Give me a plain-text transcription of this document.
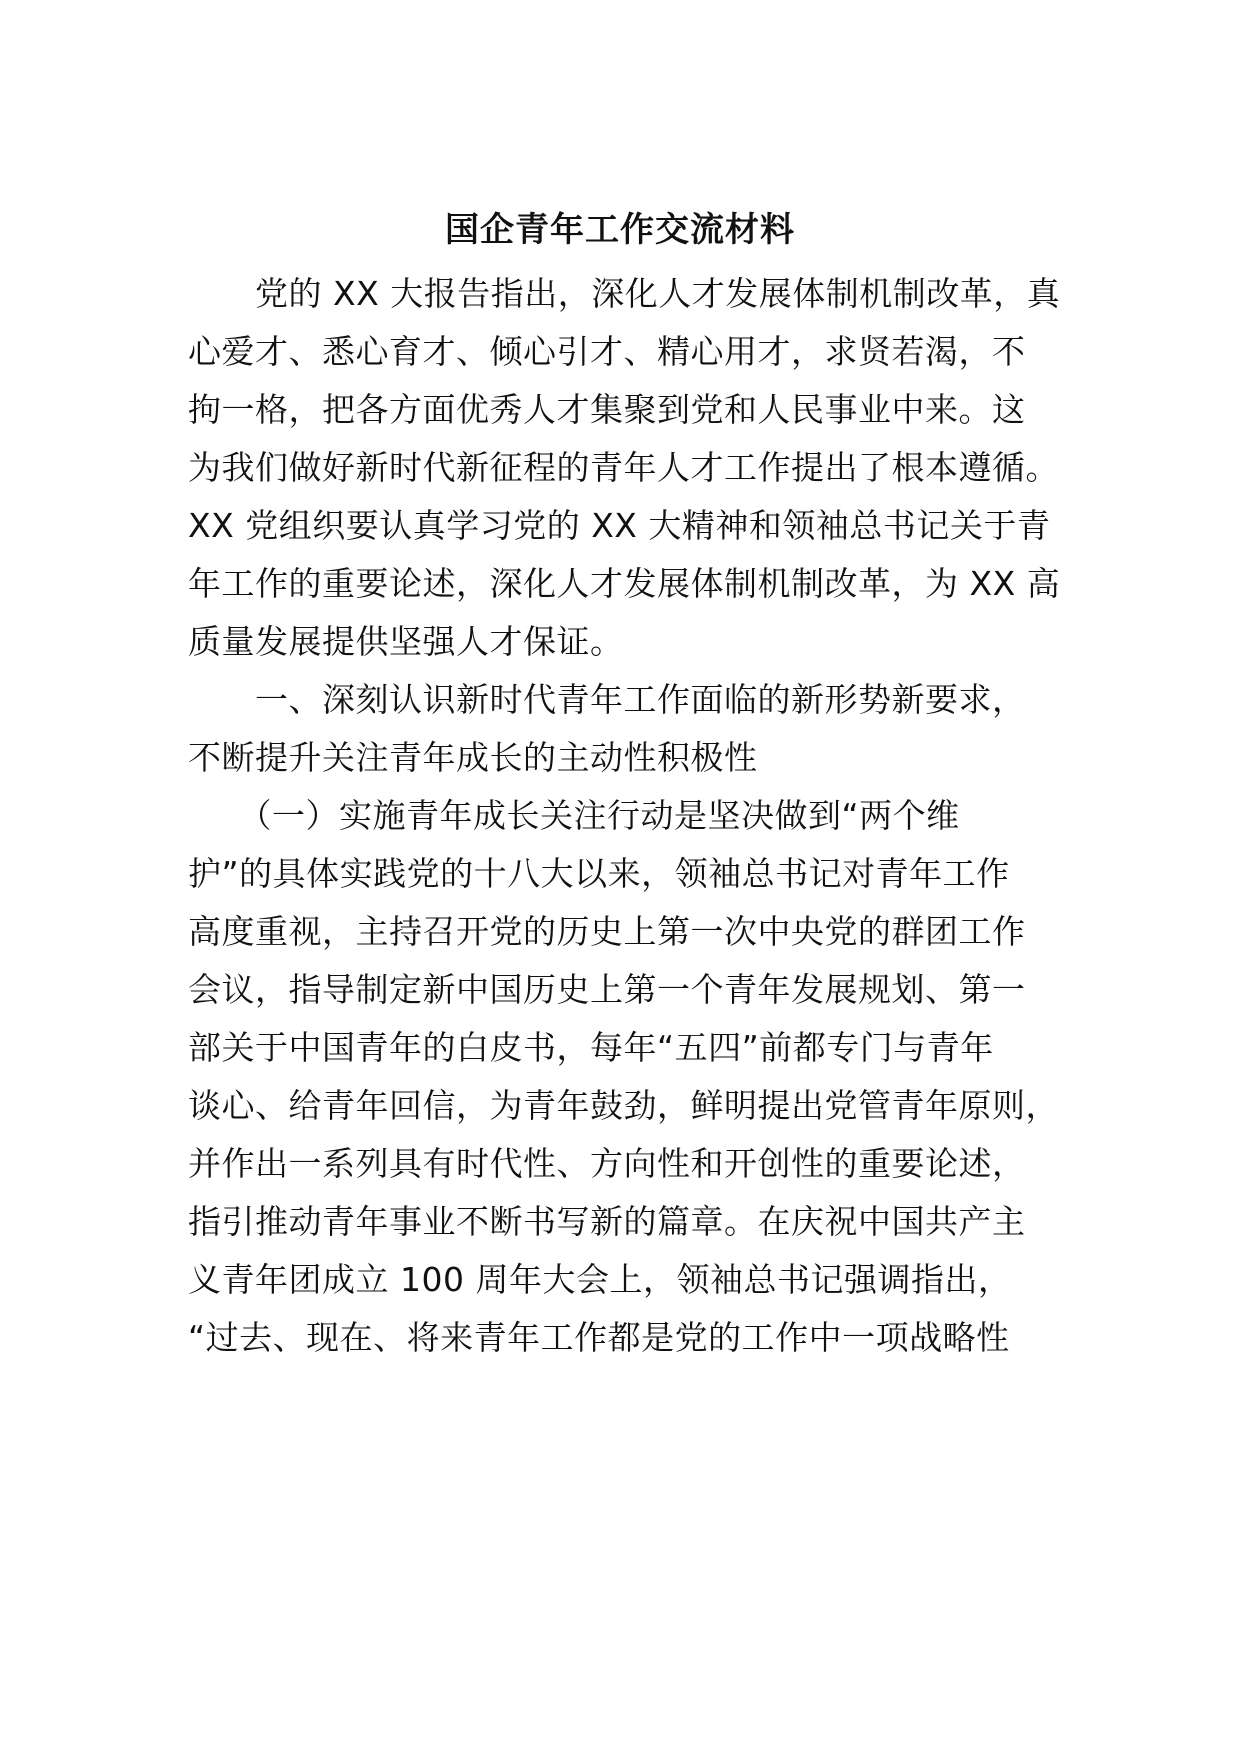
国企青年工作交流材料
　　党的 XX 大报告指出，深化人才发展体制机制改革，真
心爱才、悉心育才、倾心引才、精心用才，求贤若渴，不
拘一格，把各方面优秀人才集聚到党和人民事业中来。这
为我们做好新时代新征程的青年人才工作提出了根本遵循。
XX 党组织要认真学习党的 XX 大精神和领袖总书记关于青
年工作的重要论述，深化人才发展体制机制改革，为 XX 高
质量发展提供坚强人才保证。
　　一、深刻认识新时代青年工作面临的新形势新要求，
不断提升关注青年成长的主动性积极性
　　（一）实施青年成长关注行动是坚决做到“两个维
护”的具体实践党的十八大以来，领袖总书记对青年工作
高度重视，主持召开党的历史上第一次中央党的群团工作
会议，指导制定新中国历史上第一个青年发展规划、第一
部关于中国青年的白皮书，每年“五四”前都专门与青年
谈心、给青年回信，为青年鼓劲，鲜明提出党管青年原则，
并作出一系列具有时代性、方向性和开创性的重要论述，
指引推动青年事业不断书写新的篇章。在庆祝中国共产主
义青年团成立 100 周年大会上，领袖总书记强调指出，
“过去、现在、将来青年工作都是党的工作中一项战略性
